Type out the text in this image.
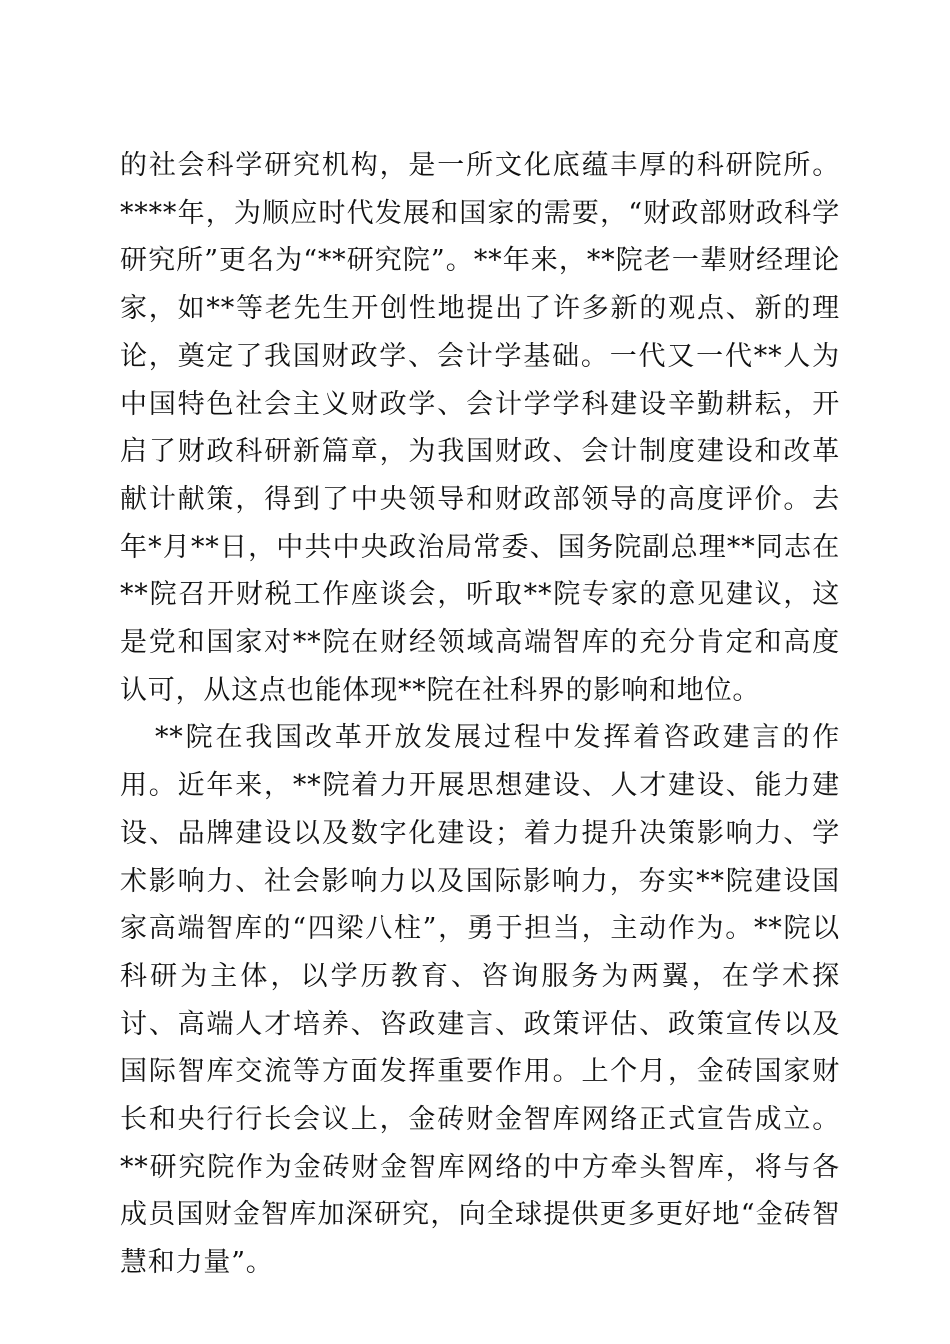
的社会科学研究机构，是一所文化底蕴丰厚的科研院所。****年，为顺应时代发展和国家的需要，“财政部财政科学研究所”更名为“**研究院”。**年来，**院老一辈财经理论家，如**等老先生开创性地提出了许多新的观点、新的理论，奠定了我国财政学、会计学基础。一代又一代**人为中国特色社会主义财政学、会计学学科建设辛勤耕耘，开启了财政科研新篇章，为我国财政、会计制度建设和改革献计献策，得到了中央领导和财政部领导的高度评价。去年*月**日，中共中央政治局常委、国务院副总理**同志在**院召开财税工作座谈会，听取**院专家的意见建议，这是党和国家对**院在财经领域高端智库的充分肯定和高度认可，从这点也能体现**院在社科界的影响和地位。

**院在我国改革开放发展过程中发挥着咨政建言的作用。近年来，**院着力开展思想建设、人才建设、能力建设、品牌建设以及数字化建设；着力提升决策影响力、学术影响力、社会影响力以及国际影响力，夯实**院建设国家高端智库的“四梁八柱”，勇于担当，主动作为。**院以科研为主体，以学历教育、咨询服务为两翼，在学术探讨、高端人才培养、咨政建言、政策评估、政策宣传以及国际智库交流等方面发挥重要作用。上个月，金砖国家财长和央行行长会议上，金砖财金智库网络正式宣告成立。**研究院作为金砖财金智库网络的中方牵头智库，将与各成员国财金智库加深研究，向全球提供更多更好地“金砖智慧和力量”。
